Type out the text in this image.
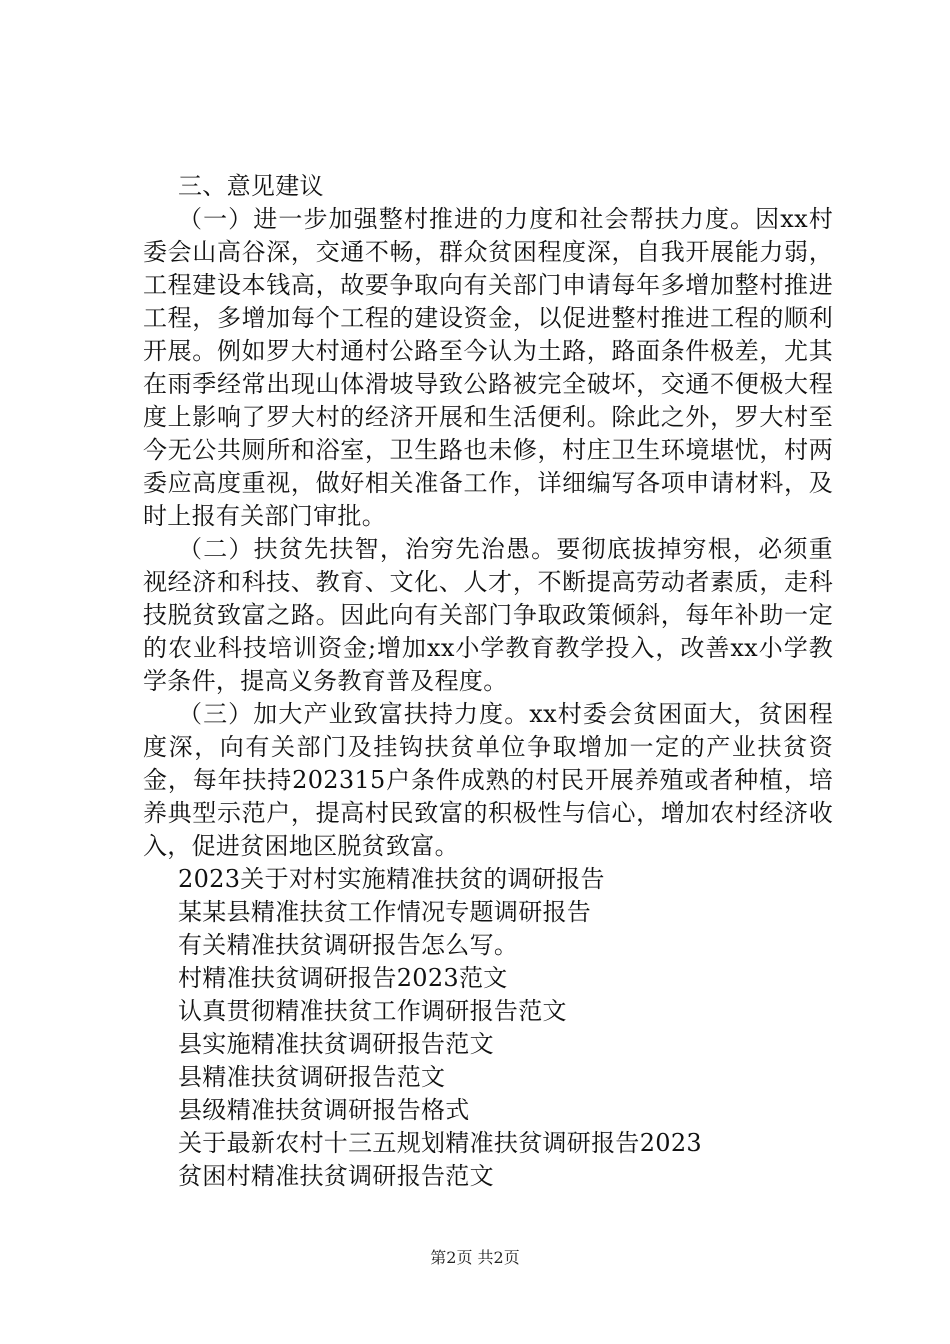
三、意见建议

（一）进一步加强整村推进的力度和社会帮扶力度。因xx村委会山高谷深，交通不畅，群众贫困程度深，自我开展能力弱，工程建设本钱高，故要争取向有关部门申请每年多增加整村推进工程，多增加每个工程的建设资金，以促进整村推进工程的顺利开展。例如罗大村通村公路至今认为土路，路面条件极差，尤其在雨季经常出现山体滑坡导致公路被完全破坏，交通不便极大程度上影响了罗大村的经济开展和生活便利。除此之外，罗大村至今无公共厕所和浴室，卫生路也未修，村庄卫生环境堪忧，村两委应高度重视，做好相关准备工作，详细编写各项申请材料，及时上报有关部门审批。

（二）扶贫先扶智，治穷先治愚。要彻底拔掉穷根，必须重视经济和科技、教育、文化、人才，不断提高劳动者素质，走科技脱贫致富之路。因此向有关部门争取政策倾斜，每年补助一定的农业科技培训资金;增加xx小学教育教学投入，改善xx小学教学条件，提高义务教育普及程度。

（三）加大产业致富扶持力度。xx村委会贫困面大，贫困程度深，向有关部门及挂钩扶贫单位争取增加一定的产业扶贫资金，每年扶持202315户条件成熟的村民开展养殖或者种植，培养典型示范户，提高村民致富的积极性与信心，增加农村经济收入，促进贫困地区脱贫致富。

2023关于对村实施精准扶贫的调研报告
某某县精准扶贫工作情况专题调研报告
有关精准扶贫调研报告怎么写。
村精准扶贫调研报告2023范文
认真贯彻精准扶贫工作调研报告范文
县实施精准扶贫调研报告范文
县精准扶贫调研报告范文
县级精准扶贫调研报告格式
关于最新农村十三五规划精准扶贫调研报告2023
贫困村精准扶贫调研报告范文
第2页 共2页
